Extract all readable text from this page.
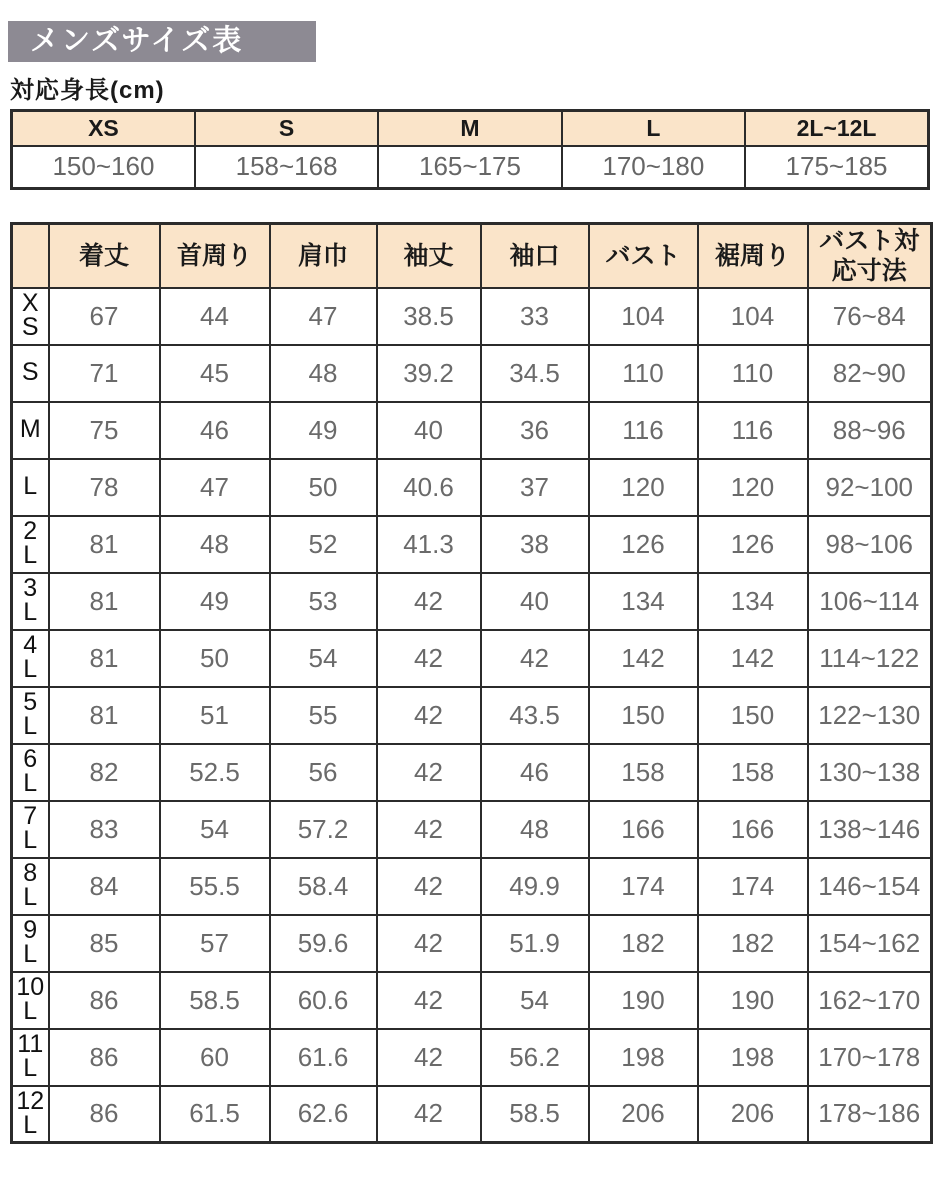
メンズサイズ表
対応身長(cm)
XS	S	M	L	2L~12L
150~160	158~168	165~175	170~180	175~185
	着丈	首周り	肩巾	袖丈	袖口	バスト	裾周り	バスト対応寸法

X
S	67	44	47	38.5	33	104	104	76~84
S	71	45	48	39.2	34.5	110	110	82~90
M	75	46	49	40	36	116	116	88~96
L	78	47	50	40.6	37	120	120	92~100

2
L	81	48	52	41.3	38	126	126	98~106

3
L	81	49	53	42	40	134	134	106~114

4
L	81	50	54	42	42	142	142	114~122

5
L	81	51	55	42	43.5	150	150	122~130

6
L	82	52.5	56	42	46	158	158	130~138

7
L	83	54	57.2	42	48	166	166	138~146

8
L	84	55.5	58.4	42	49.9	174	174	146~154

9
L	85	57	59.6	42	51.9	182	182	154~162

10
L	86	58.5	60.6	42	54	190	190	162~170

11
L	86	60	61.6	42	56.2	198	198	170~178

12
L	86	61.5	62.6	42	58.5	206	206	178~186
